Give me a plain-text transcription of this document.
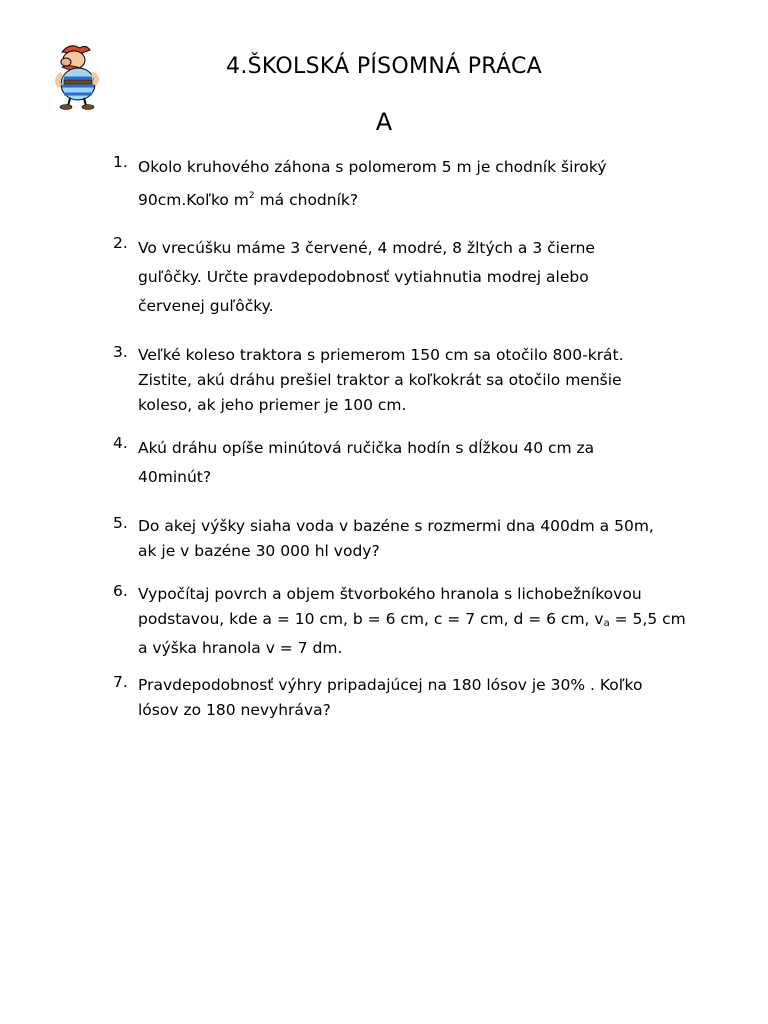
4.ŠKOLSKÁ PÍSOMNÁ PRÁCA
A
1. Okolo kruhového záhona s polomerom 5 m je chodník široký
90cm.Koľko $m^2$ má chodník?
2. Vo vrecúšku máme 3 červené, 4 modré, 8 žltých a 3 čierne
guľôčky. Určte pravdepodobnosť vytiahnutia modrej alebo
červenej guľôčky.
3. Veľké koleso traktora s priemerom 150 cm sa otočilo 800-krát.
Zistite, akú dráhu prešiel traktor a koľkokrát sa otočilo menšie
koleso, ak jeho priemer je 100 cm.
4. Akú dráhu opíše minútová ručička hodín s dĺžkou 40 cm za
40minút?
5. Do akej výšky siaha voda v bazéne s rozmermi dna 400dm a 50m,
ak je v bazéne 30 000 hl vody?
6. Vypočítaj povrch a objem štvorbokého hranola s lichobežníkovou
podstavou, kde a = 10 cm, b = 6 cm, c = 7 cm, d = 6 cm, $v_a = 5,5$ cm
a výška hranola v = 7 dm.
7. Pravdepodobnosť výhry pripadajúcej na 180 lósov je 30% . Koľko
lósov zo 180 nevyhráva?
